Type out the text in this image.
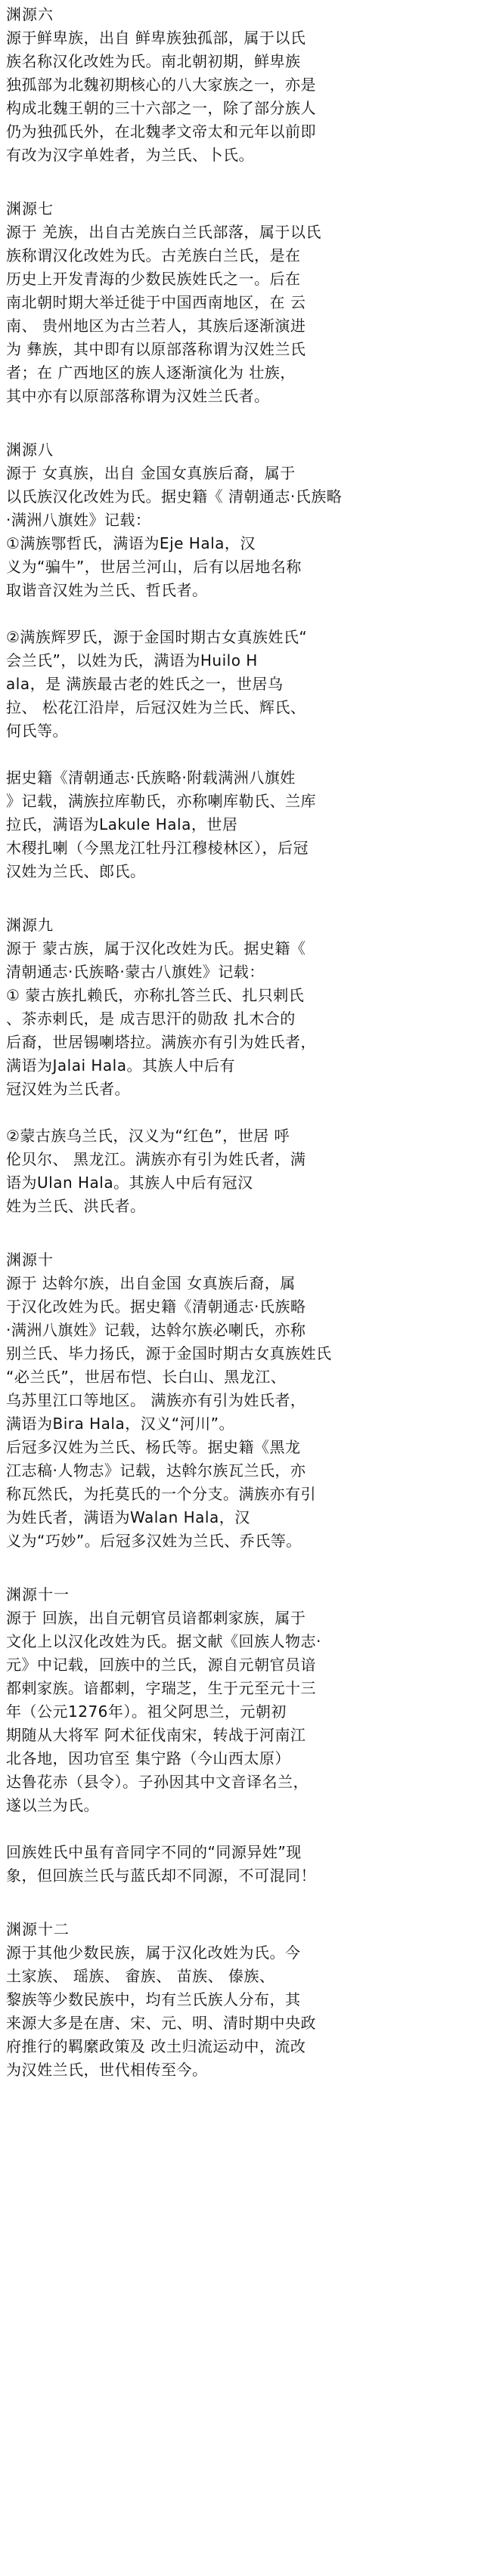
渊源六
源于鲜卑族，出自 鲜卑族独孤部，属于以氏
族名称汉化改姓为氏。南北朝初期，鲜卑族
独孤部为北魏初期核心的八大家族之一，亦是
构成北魏王朝的三十六部之一，除了部分族人
仍为独孤氏外，在北魏孝文帝太和元年以前即
有改为汉字单姓者，为兰氏、卜氏。
渊源七
源于 羌族，出自古羌族白兰氏部落，属于以氏
族称谓汉化改姓为氏。古羌族白兰氏，是在
历史上开发青海的少数民族姓氏之一。后在
南北朝时期大举迁徙于中国西南地区，在 云
南、 贵州地区为古兰若人，其族后逐渐演进
为 彝族，其中即有以原部落称谓为汉姓兰氏
者；在 广西地区的族人逐渐演化为 壮族，
其中亦有以原部落称谓为汉姓兰氏者。
渊源八
源于 女真族，出自 金国女真族后裔，属于
以氏族汉化改姓为氏。据史籍《 清朝通志·氏族略
·满洲八旗姓》记载：
①满族鄂哲氏，满语为Eje Hala，汉
义为“骗牛”，世居兰河山，后有以居地名称
取谐音汉姓为兰氏、哲氏者。
②满族辉罗氏，源于金国时期古女真族姓氏“
会兰氏”，以姓为氏，满语为Huilo H
ala，是 满族最古老的姓氏之一，世居乌
拉、 松花江沿岸，后冠汉姓为兰氏、辉氏、
何氏等。
据史籍《清朝通志·氏族略·附载满洲八旗姓
》记载，满族拉库勒氏，亦称喇库勒氏、兰库
拉氏，满语为Lakule Hala，世居
木稷扎喇（今黑龙江牡丹江穆棱林区），后冠
汉姓为兰氏、郎氏。
渊源九
源于 蒙古族，属于汉化改姓为氏。据史籍《
清朝通志·氏族略·蒙古八旗姓》记载：
① 蒙古族扎赖氏，亦称扎答兰氏、扎只剌氏
、茶赤剌氏，是 成吉思汗的勋敌 扎木合的
后裔，世居锡喇塔拉。满族亦有引为姓氏者，
满语为Jalai Hala。其族人中后有
冠汉姓为兰氏者。
②蒙古族乌兰氏，汉义为“红色”，世居 呼
伦贝尔、 黑龙江。满族亦有引为姓氏者，满
语为Ulan Hala。其族人中后有冠汉
姓为兰氏、洪氏者。
渊源十
源于 达斡尔族，出自金国 女真族后裔，属
于汉化改姓为氏。据史籍《清朝通志·氏族略
·满洲八旗姓》记载，达斡尔族必喇氏，亦称
别兰氏、毕力扬氏，源于金国时期古女真族姓氏
“必兰氏”，世居布恺、长白山、黑龙江、
乌苏里江口等地区。 满族亦有引为姓氏者，
满语为Bira Hala，汉义“河川”。
后冠多汉姓为兰氏、杨氏等。据史籍《黑龙
江志稿·人物志》记载，达斡尔族瓦兰氏，亦
称瓦然氏，为托莫氏的一个分支。满族亦有引
为姓氏者，满语为Walan Hala，汉
义为“巧妙”。后冠多汉姓为兰氏、乔氏等。
渊源十一
源于 回族，出自元朝官员谙都剌家族，属于
文化上以汉化改姓为氏。据文献《回族人物志·
元》中记载，回族中的兰氏，源自元朝官员谙
都剌家族。谙都剌，字瑞芝，生于元至元十三
年（公元1276年）。祖父阿思兰，元朝初
期随从大将军 阿术征伐南宋，转战于河南江
北各地，因功官至 集宁路（今山西太原）
达鲁花赤（县令）。子孙因其中文音译名兰，
遂以兰为氏。
回族姓氏中虽有音同字不同的“同源异姓”现
象，但回族兰氏与蓝氏却不同源，不可混同！
渊源十二
源于其他少数民族，属于汉化改姓为氏。今
土家族、 瑶族、 畲族、 苗族、 傣族、
黎族等少数民族中，均有兰氏族人分布，其
来源大多是在唐、宋、元、明、清时期中央政
府推行的羁縻政策及 改土归流运动中，流改
为汉姓兰氏，世代相传至今。
